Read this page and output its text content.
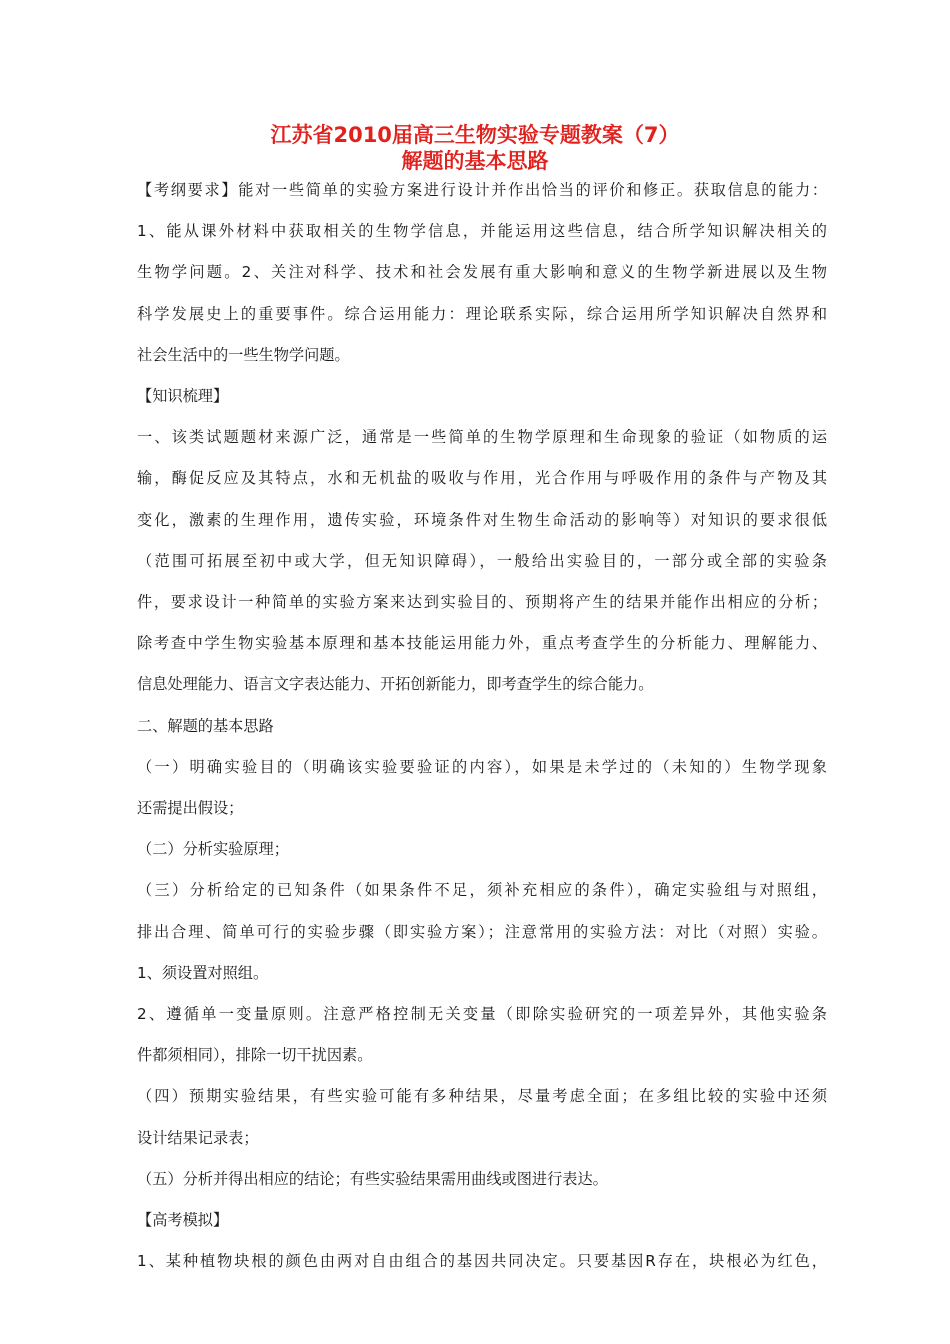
江苏省2010届高三生物实验专题教案（7）
解题的基本思路

【考纲要求】能对一些简单的实验方案进行设计并作出恰当的评价和修正。获取信息的能力：

1、能从课外材料中获取相关的生物学信息，并能运用这些信息，结合所学知识解决相关的

生物学问题。2、关注对科学、技术和社会发展有重大影响和意义的生物学新进展以及生物

科学发展史上的重要事件。综合运用能力：理论联系实际，综合运用所学知识解决自然界和

社会生活中的一些生物学问题。

【知识梳理】

一、该类试题题材来源广泛，通常是一些简单的生物学原理和生命现象的验证（如物质的运

输，酶促反应及其特点，水和无机盐的吸收与作用，光合作用与呼吸作用的条件与产物及其

变化，激素的生理作用，遗传实验，环境条件对生物生命活动的影响等）对知识的要求很低

（范围可拓展至初中或大学，但无知识障碍），一般给出实验目的，一部分或全部的实验条

件，要求设计一种简单的实验方案来达到实验目的、预期将产生的结果并能作出相应的分析；

除考查中学生物实验基本原理和基本技能运用能力外，重点考查学生的分析能力、理解能力、

信息处理能力、语言文字表达能力、开拓创新能力，即考查学生的综合能力。

二、解题的基本思路

（一）明确实验目的（明确该实验要验证的内容），如果是未学过的（未知的）生物学现象

还需提出假设；

（二）分析实验原理；

（三）分析给定的已知条件（如果条件不足，须补充相应的条件），确定实验组与对照组，

排出合理、简单可行的实验步骤（即实验方案）；注意常用的实验方法：对比（对照）实验。

1、须设置对照组。

2、遵循单一变量原则。注意严格控制无关变量（即除实验研究的一项差异外，其他实验条

件都须相同），排除一切干扰因素。

（四）预期实验结果，有些实验可能有多种结果，尽量考虑全面；在多组比较的实验中还须

设计结果记录表；

（五）分析并得出相应的结论；有些实验结果需用曲线或图进行表达。

【高考模拟】

1、某种植物块根的颜色由两对自由组合的基因共同决定。只要基因R存在，块根必为红色，
